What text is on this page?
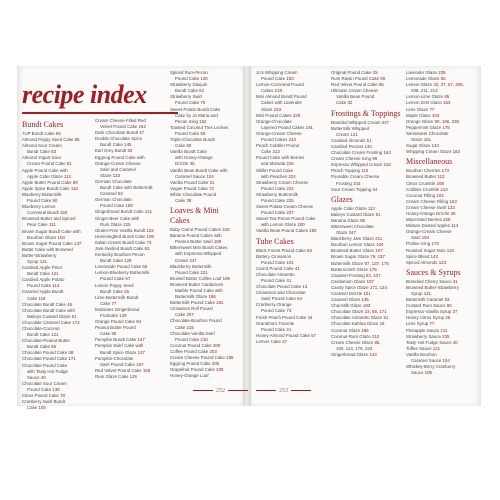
recipe index
Bundt Cakes
7UP Bundt Cake 69
Almond Poppy Seed Cake 85
Almond Sour Cream
Bundt Cake 83
Almond Yogurt Sour
Cream Pound Cake 81
Apple Pound Cake with
Apple Cider Glaze 113
Apple Butter Pound Cake 89
Apple Spice Bundt Cake 116
Blueberry Buttermilk
Pound Cake 90
Blueberry Lemon
Cornmeal Bundt 150
Browned Butter and Spiced
Pear Cake 111
Brown Sugar Bundt Cake with
Bourbon Glaze 103
Brown Sugar Pound Cake 137
Butter Cake with Browned
Butter-Strawberry
Syrup 131
Candied Apple Pinot
Bundt Cake 121
Candied Apple Potato
Pound Cake 114
Caramel Apple Bundt
Cake 118
Chocolate Bundt Cake 46
Chocolate Bundt Cake with
Baileys Custard Glaze 51
Chocolate Caramel Cake 173
Chocolate-Coconut
Bundt Cake 121
Chocolate-Peanut Butter
Bundt Cake 55
Chocolate Pound Cake 38
Chocolate Pound Cake 171
Chocolate Pound Cake
with Tasty Hot Fudge
Sauce 40
Chocolate Sour Cream
Pound Cake 139
Citrus Pound Cake 78
Cranberry Swirl Bundt
Cake 105
Cream Cheese-Filled Red
Velvet Pound Cake 162
Dark Chocolate Bundt 47
Double Chocolate Spice
Bundt Cake 145
Earl Grey Bundt 93
Eggnog Pound Cake with
Orange-Cream Cheese
Swirl and Caramel
Glaze 133
German Chocolate
Bundt Cake with Buttermilk
Caramel 53
German Chocolate
Pound Cake 159
Gingerbread Bundt Cake 141
Ginger Beer Cake with
Rum Glaze 125
Gluten-Free Vanilla Bundt 122
Hummingbird Bundt Cake 109
Italian Cream Bundt Cake 73
Jam-Swirled Bundt Cake 63
Kentucky Bourbon Pecan
Bundt Cake 129
Lemonade Pound Cake 65
Lemon-Blueberry Buttermilk
Pound Cake 67
Lemon Poppy Seed
Bundt Cake 25
Lime-Buttermilk Bundt
Cake 77
Molasses Gingerbread
Fruitcake 129
Orange Pound Cake 94
Peanut Butter Pound
Cake 56
Pumpkin Bundt Cake 147
Pumpkin Swirl Cake with
Bundt Spice Glaze 137
Pumpkin-Chocolate
Swirl Pound Cake 167
Red Velvet Pound Cake 159
Rum Glaze Cake 126
Spiced Rum-Pecan
Pound Cake 126
Strawberry Daiquiri
Bundt Cake 62
Strawberry Swirl
Pound Cake 75
Sweet Potato Bundt Cake
Cake by Jo Maria and
Pecan Icing 152
Toasted Coconut Tres Leches
Pound Cake 59
Triple-Chocolate Bundt
Cake 50
Vanilla Bundt Cake
with Honey-Orange
Drizzle 35
Vanilla Bean Bundt Cake with
Caramel Sauce 104
Vanilla Pound Cake 31
Vegan Pound Cake 72
White Chocolate Pound
Cake 39
Loaves & Mini Cakes
Baby Carrot Pound Cakes 240
Banana Pound Cakes with
Peanut Butter Swirl 189
Bittersweet Mini Bundt Cakes
with Espresso-Whipped
Cream 247
Blackberry Buttermilk
Pound Cake 221
Brussel Butter Coffee Loaf 196
Browned Butter Cardamom
Marble Pound Cake with
Buttermilk Glaze 186
Buttermilk Pound Cake 181
Cinnamon Roll Pound
Cake 207
Chocolate-Bourbon Pound
Cake 215
Chocolate-Vanilla Swirl
Pound Cake 210
Coconut Pound Cake 200
Coffee Pound Cake 203
Cream Cheese Pound Cake 185
Eggnog Pound Cake 205
Grapefruit Pound Cake 238
Honey-Orange Loaf
Jo's Whipping Cream
Pound Cake 183
Lemon-Cornmeal Pound
Cakes 218
Mini Almond Bundt Pound
Cakes with Lavender
Glaze 233
Mini Pound Cakes 229
Orange-Chocolate
Layered Pound Cakes 191
Orange-Cream Cheese
Pound Cakes 243
Peach Cobbler Pound
Cake 213
Pound Cake with Berries
and Marsala 226
Skillet Pound Cake
with Peaches 224
Strawberry Cream Cheese
Pound Cake 222
Strawberry Buttermilk
Pound Cake 225
Sweet Potato-Cream Cheese
Pound Cake 237
Sweet Tea Pecan Pound Cake
with Lemon Glaze 200
Vanilla Bean Pound Cakes 192
Tube Cakes
Black Forest Pound Cake 63
Buttery Cinnamon
Pound Cake 101
Carrot Pound Cake 41
Chocolate Amaretto
Pound Cake 41
Chocolate Pound Cake 13
Cinnamon and Chocolate
Swirl Pound Cake 64
Cranberry-Orange
Pound Cake 73
Fresh Peach Pound Cake 44
Grandma's Favorite
Pound Cake 21
Honey Almond Pound Cake 57
Lemon Cake 37
Original Pound Cake 25
Rum Raisin Pound Cake 90
Red Velvet Pound Cake 55
Ultimate Cream Cheese
Vanilla Bean Pound
Cake 32
Frostings & Toppings
Branded Whipped Cream 247
Buttermilk Whipped
Cream 121
Candied Almonds 51
Candied Pecans 134
Chocolate Cream Frosting 163
Cream Cheese Icing 96
Espresso Whipped Cream 218
Peach Topping 110
Pourable Cream Cheese
Frosting 243
Sour Cream Topping 44
Glazes
Apple Cider Glaze 113
Baileys Custard Glaze 51
Banana Glaze 98
Bittersweet Chocolate
Glaze 247
Blackberry Jam Glaze 211
Bourbon Lemon Glaze 104
Browned Butter Glaze 107
Brown Sugar Glaze 79, 137
Buttermilk Glaze 97, 137, 175
Butterscotch Glaze 175
Caramel Frosting 53, 107
Cardamom Glaze 197
Candy Spice Glaze 171, 134
Caramel Drizzle 101
Caramel Glaze 135
Chai Milk Glaze 193
Chocolate Glaze 23, 55, 171
Chocolate Amaretto Glaze 51
Chocolate Kahlua Glaze 18
Coconut Glaze 199
Coconut-Rum Glaze 210
Cream Cheese Glaze 85,
100, 113, 175, 233
Gingerbread Glaze 143
Lavender Glaze 235
Lemonade Glaze 65
Lemon Glaze 33, 37, 67, 205,
208, 211, 213
Lemon-Lime Glaze 85
Lemon Zest Glaze 153
Lime Glaze 77
Maple Glaze 103
Orange Glaze 90, 196, 235
Peppermint Glaze 175
Semisweet Chocolate
Glaze 161
Sugar Glaze 143
Whipping Cream Glaze 183
Miscellaneous
Bourbon Cherries 173
Browned Butter 113
Citrus Crumble 208
Cobbler Crumble 213
Coconut Filling 103
Cream Cheese Filling 163
Cream Cheese Swirl 133
Honey-Orange Drizzle 36
Macerated Berries 226
Mixture Dusted Apples 114
Orange-Cream Cheese
Swirl 194
Praline Icing 173
Roasted Sugar Nuts 119
Spice Blend 143
Spiced Almonds 123
Sauces & Syrups
Brandied Cherry Sauce 31
Browned Butter-Strawberry
Syrup 131
Buttermilk Caramel 53
Custard Rum Sauce 90
Espresso-Vanilla Syrup 37
Honey Citrus Syrup 35
Lime Syrup 77
Pineapple Sauce 211
Strawberry Sauce 235
Tasty Hot Fudge Sauce 40
Toffee Sauce 121
Vanilla Bourbon
Caramel Sauce 104
Whiskey-Berry Cranberry
Sauce 105
252	253
